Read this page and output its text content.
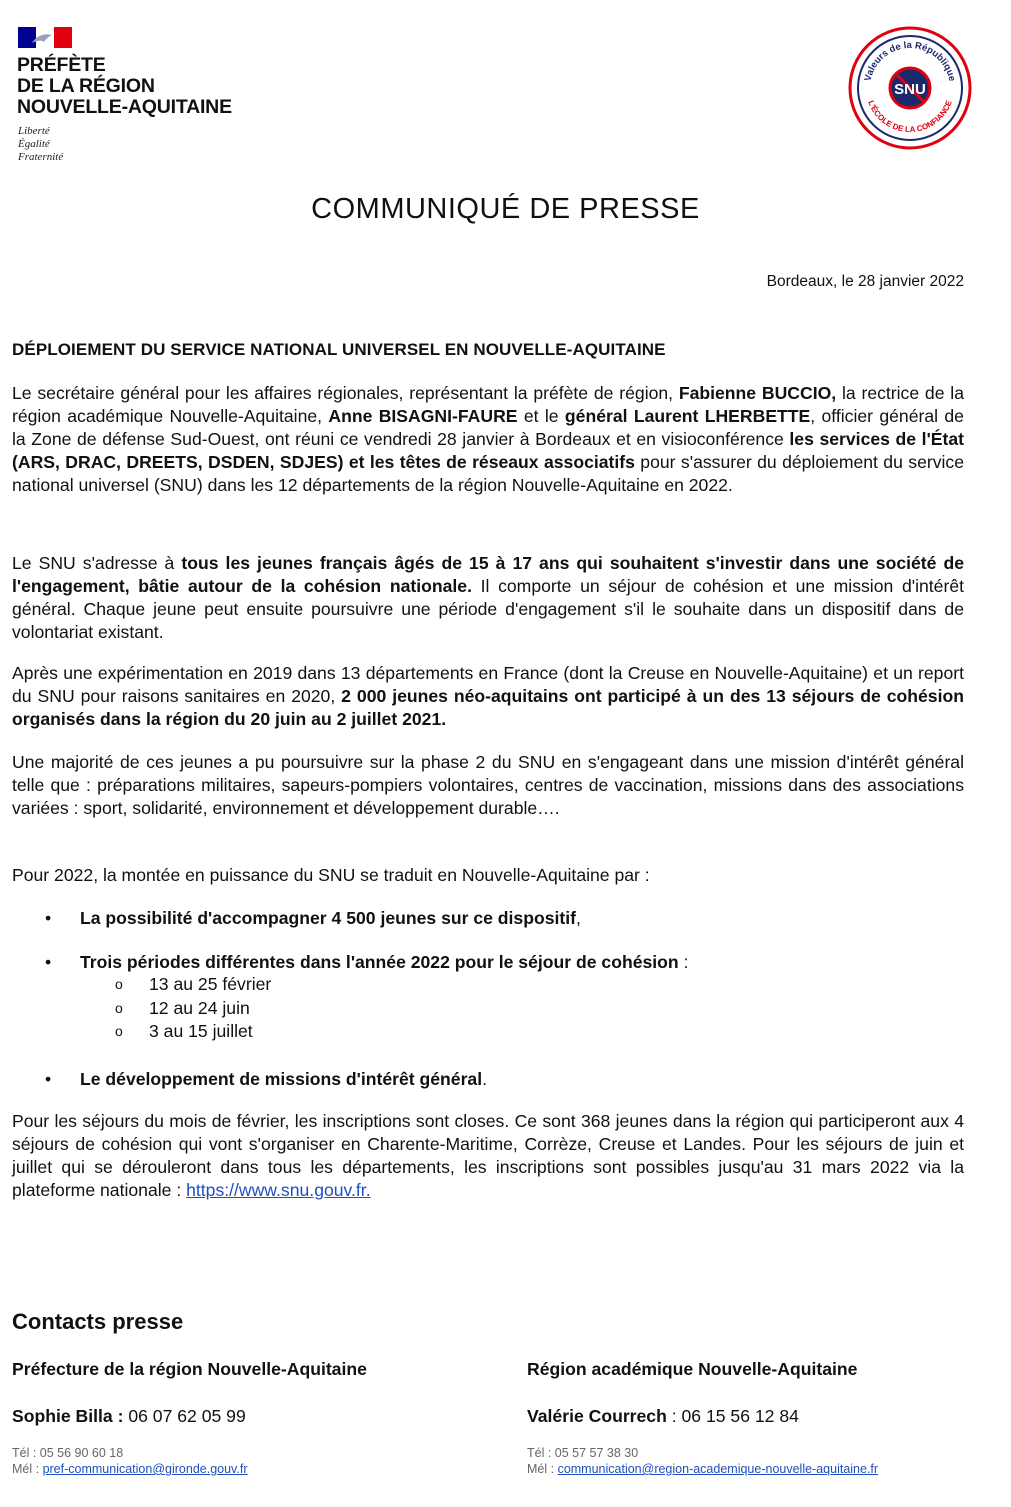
PRÉFÈTE
DE LA RÉGION
NOUVELLE-AQUITAINE
Liberté
Égalité
Fraternité
Valeurs de la République
L'ÉCOLE DE LA CONFIANCE
SNU
COMMUNIQUÉ DE PRESSE
Bordeaux, le 28 janvier 2022
DÉPLOIEMENT DU SERVICE NATIONAL UNIVERSEL EN NOUVELLE-AQUITAINE
Le secrétaire général pour les affaires régionales, représentant la préfète de région, Fabienne BUCCIO, la rectrice de la région académique Nouvelle-Aquitaine, Anne BISAGNI-FAURE et le général Laurent LHERBETTE, officier général de la Zone de défense Sud-Ouest, ont réuni ce vendredi 28 janvier à Bordeaux et en visioconférence les services de l'État (ARS, DRAC, DREETS, DSDEN, SDJES) et les têtes de réseaux associatifs pour s'assurer du déploiement du service national universel (SNU) dans les 12 départements de la région Nouvelle-Aquitaine en 2022.
Le SNU s'adresse à tous les jeunes français âgés de 15 à 17 ans qui souhaitent s'investir dans une société de l'engagement, bâtie autour de la cohésion nationale. Il comporte un séjour de cohésion et une mission d'intérêt général. Chaque jeune peut ensuite poursuivre une période d'engagement s'il le souhaite dans un dispositif dans de volontariat existant.
Après une expérimentation en 2019 dans 13 départements en France (dont la Creuse en Nouvelle-Aquitaine) et un report du SNU pour raisons sanitaires en 2020, 2 000 jeunes néo-aquitains ont participé à un des 13 séjours de cohésion organisés dans la région du 20 juin au 2 juillet 2021.
Une majorité de ces jeunes a pu poursuivre sur la phase 2 du SNU en s'engageant dans une mission d'intérêt général telle que : préparations militaires, sapeurs-pompiers volontaires, centres de vaccination, missions dans des associations variées : sport, solidarité, environnement et développement durable….
Pour 2022, la montée en puissance du SNU se traduit en Nouvelle-Aquitaine par :
• La possibilité d'accompagner 4 500 jeunes sur ce dispositif,
• Trois périodes différentes dans l'année 2022 pour le séjour de cohésion :
o 13 au 25 février
o 12 au 24 juin
o 3 au 15 juillet
• Le développement de missions d'intérêt général.
Pour les séjours du mois de février, les inscriptions sont closes. Ce sont 368 jeunes dans la région qui participeront aux 4 séjours de cohésion qui vont s'organiser en Charente-Maritime, Corrèze, Creuse et Landes. Pour les séjours de juin et juillet qui se dérouleront dans tous les départements, les inscriptions sont possibles jusqu'au 31 mars 2022 via la plateforme nationale : https://www.snu.gouv.fr.
Contacts presse
Préfecture de la région Nouvelle-Aquitaine
Sophie Billa : 06 07 62 05 99
Tél : 05 56 90 60 18
Mél : pref-communication@gironde.gouv.fr
Région académique Nouvelle-Aquitaine
Valérie Courrech : 06 15 56 12 84
Tél : 05 57 57 38 30
Mél : communication@region-academique-nouvelle-aquitaine.fr
